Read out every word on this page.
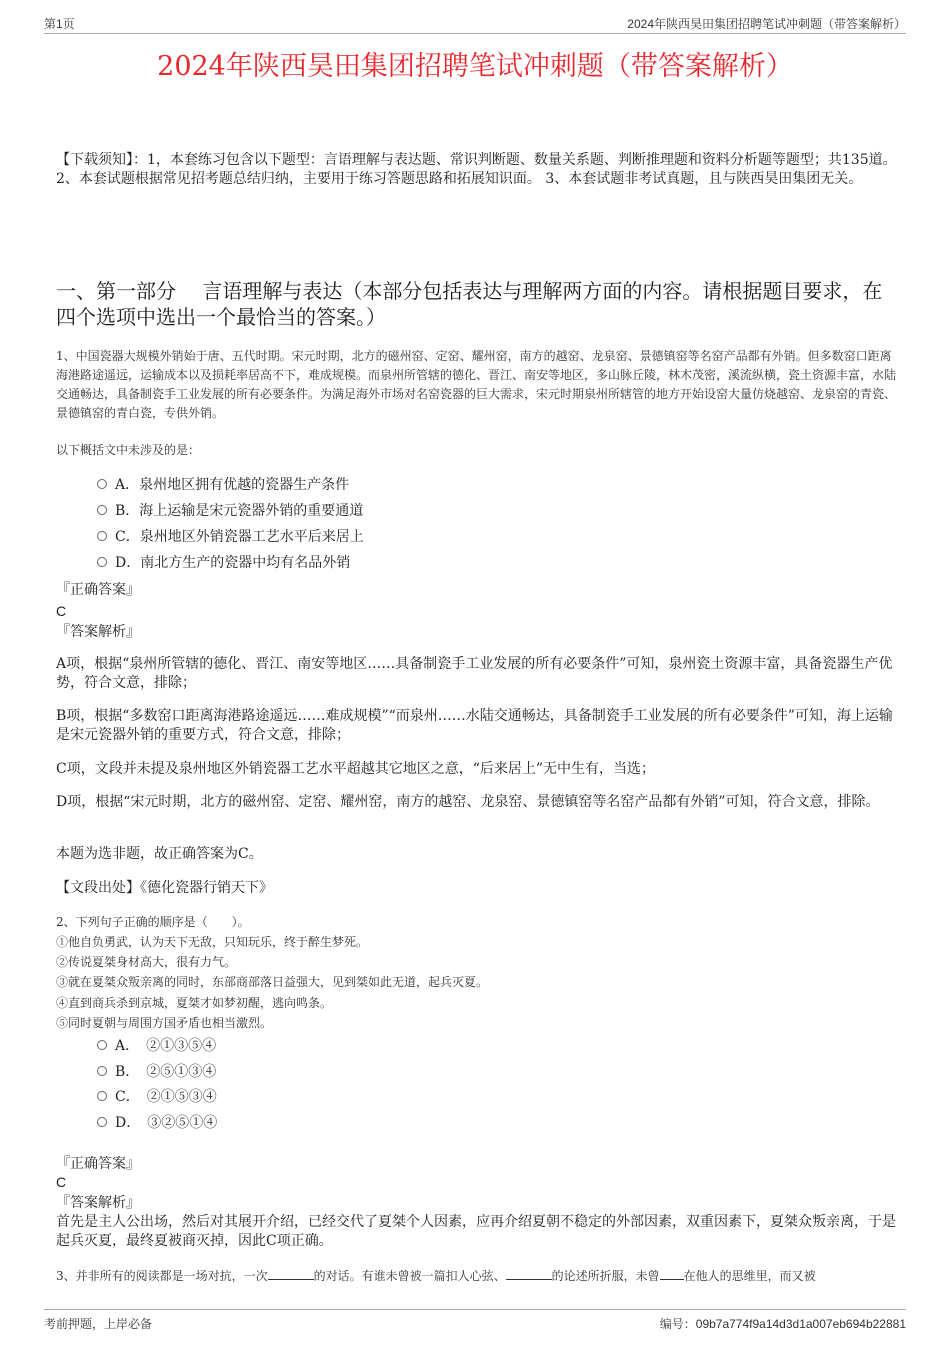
第1页	2024年陕西昊田集团招聘笔试冲刺题（带答案解析）
2024年陕西昊田集团招聘笔试冲刺题（带答案解析）
【下载须知】：1，本套练习包含以下题型：言语理解与表达题、常识判断题、数量关系题、判断推理题和资料分析题等题型；共135道。 2、本套试题根据常见招考题总结归纳，主要用于练习答题思路和拓展知识面。 3、本套试题非考试真题，且与陕西昊田集团无关。
一、第一部分　 言语理解与表达（本部分包括表达与理解两方面的内容。请根据题目要求，在四个选项中选出一个最恰当的答案。）
1、中国瓷器大规模外销始于唐、五代时期。宋元时期，北方的磁州窑、定窑、耀州窑，南方的越窑、龙泉窑、景德镇窑等名窑产品都有外销。但多数窑口距离海港路途遥远，运输成本以及损耗率居高不下，难成规模。而泉州所管辖的德化、晋江、南安等地区，多山脉丘陵，林木茂密，溪流纵横，瓷土资源丰富，水陆交通畅达，具备制瓷手工业发展的所有必要条件。为满足海外市场对名窑瓷器的巨大需求，宋元时期泉州所辖管的地方开始设窑大量仿烧越窑、龙泉窑的青瓷、景德镇窑的青白瓷，专供外销。
以下概括文中未涉及的是：
A．泉州地区拥有优越的瓷器生产条件
B．海上运输是宋元瓷器外销的重要通道
C．泉州地区外销瓷器工艺水平后来居上
D．南北方生产的瓷器中均有名品外销
『正确答案』
C
『答案解析』
A项，根据“泉州所管辖的德化、晋江、南安等地区……具备制瓷手工业发展的所有必要条件”可知，泉州瓷土资源丰富，具备瓷器生产优势，符合文意，排除；
B项，根据“多数窑口距离海港路途遥远……难成规模”“而泉州……水陆交通畅达，具备制瓷手工业发展的所有必要条件”可知，海上运输是宋元瓷器外销的重要方式，符合文意，排除；
C项，文段并未提及泉州地区外销瓷器工艺水平超越其它地区之意，“后来居上”无中生有，当选；
D项，根据“宋元时期，北方的磁州窑、定窑、耀州窑，南方的越窑、龙泉窑、景德镇窑等名窑产品都有外销”可知，符合文意，排除。
本题为选非题，故正确答案为C。
【文段出处】《德化瓷器行销天下》
2、下列句子正确的顺序是（　　）。
①他自负勇武，认为天下无敌，只知玩乐，终于醉生梦死。
②传说夏桀身材高大，很有力气。
③就在夏桀众叛亲离的同时，东部商部落日益强大，见到桀如此无道，起兵灭夏。
④直到商兵杀到京城，夏桀才如梦初醒，逃向鸣条。
⑤同时夏朝与周围方国矛盾也相当激烈。
A．　②①③⑤④
B．　②⑤①③④
C．　②①⑤③④
D．　③②⑤①④
『正确答案』
C
『答案解析』
首先是主人公出场，然后对其展开介绍，已经交代了夏桀个人因素，应再介绍夏朝不稳定的外部因素，双重因素下，夏桀众叛亲离，于是起兵灭夏，最终夏被商灭掉，因此C项正确。
3、并非所有的阅读都是一场对抗，一次	的对话。有谁未曾被一篇扣人心弦、	的论述所折服，未曾 在他人的思维里，而又被
考前押题，上岸必备	编号：09b7a774f9a14d3d1a007eb694b22881
